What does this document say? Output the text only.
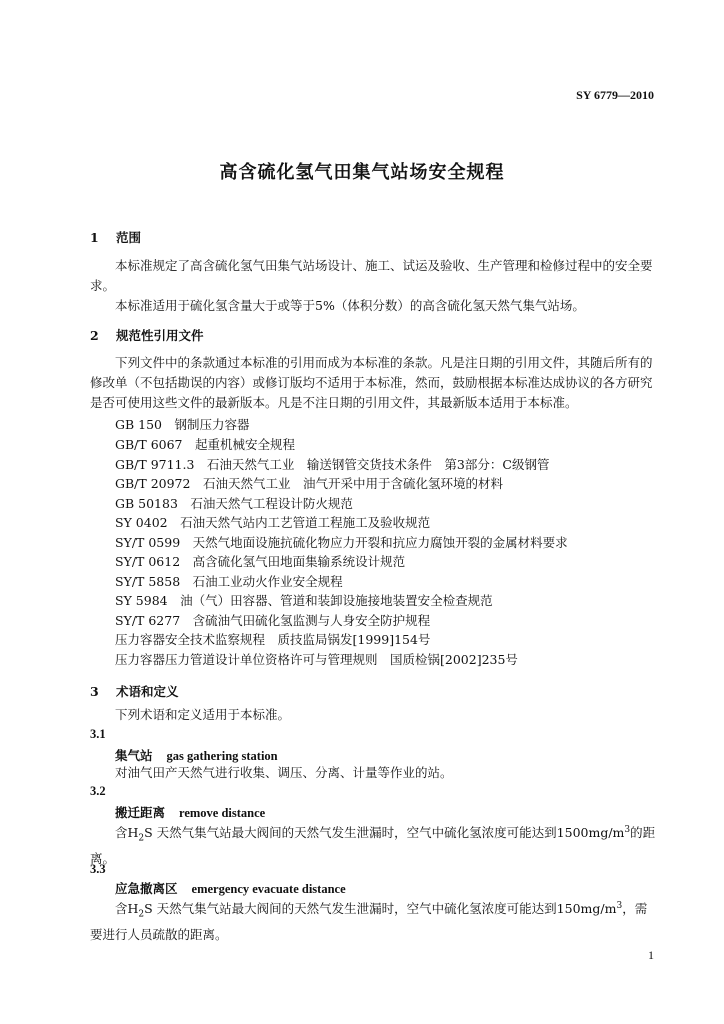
SY 6779—2010
高含硫化氢气田集气站场安全规程
1 范围
本标准规定了高含硫化氢气田集气站场设计、施工、试运及验收、生产管理和检修过程中的安全要求。
本标准适用于硫化氢含量大于或等于5%（体积分数）的高含硫化氢天然气集气站场。
2 规范性引用文件
下列文件中的条款通过本标准的引用而成为本标准的条款。凡是注日期的引用文件，其随后所有的修改单（不包括勘误的内容）或修订版均不适用于本标准，然而，鼓励根据本标准达成协议的各方研究是否可使用这些文件的最新版本。凡是不注日期的引用文件，其最新版本适用于本标准。
GB 150　钢制压力容器
GB/T 6067　起重机械安全规程
GB/T 9711.3　石油天然气工业　输送钢管交货技术条件　第3部分：C级钢管
GB/T 20972　石油天然气工业　油气开采中用于含硫化氢环境的材料
GB 50183　石油天然气工程设计防火规范
SY 0402　石油天然气站内工艺管道工程施工及验收规范
SY/T 0599　天然气地面设施抗硫化物应力开裂和抗应力腐蚀开裂的金属材料要求
SY/T 0612　高含硫化氢气田地面集输系统设计规范
SY/T 5858　石油工业动火作业安全规程
SY 5984　油（气）田容器、管道和装卸设施接地装置安全检查规范
SY/T 6277　含硫油气田硫化氢监测与人身安全防护规程
压力容器安全技术监察规程　质技监局锅发[1999]154号
压力容器压力管道设计单位资格许可与管理规则　国质检锅[2002]235号
3 术语和定义
下列术语和定义适用于本标准。
3.1
集气站 gas gathering station
对油气田产天然气进行收集、调压、分离、计量等作业的站。
3.2
搬迁距离 remove distance
含$H_2S$ 天然气集气站最大阀间的天然气发生泄漏时，空气中硫化氢浓度可能达到$1500mg/m^3$的距离。
3.3
应急撤离区 emergency evacuate distance
含$H_2S$ 天然气集气站最大阀间的天然气发生泄漏时，空气中硫化氢浓度可能达到$150mg/m^3$，需要进行人员疏散的距离。
1
